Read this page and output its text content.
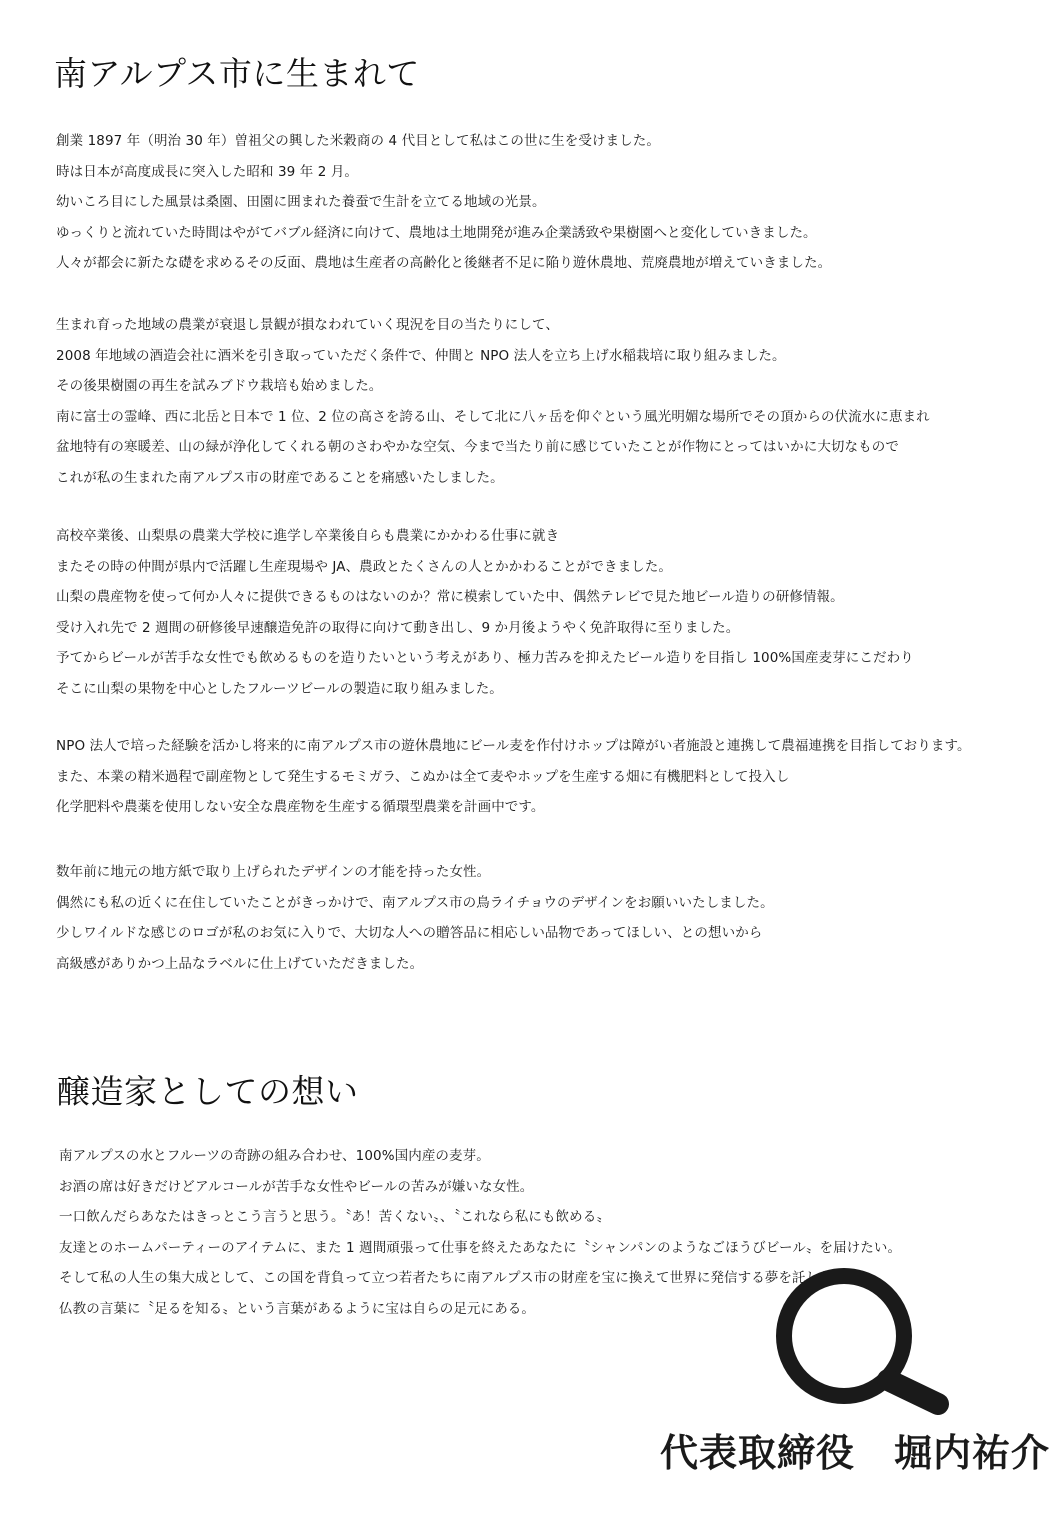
南アルプス市に生まれて
創業 1897 年（明治 30 年）曽祖父の興した米穀商の 4 代目として私はこの世に生を受けました。
時は日本が高度成長に突入した昭和 39 年 2 月。
幼いころ目にした風景は桑園、田園に囲まれた養蚕で生計を立てる地域の光景。
ゆっくりと流れていた時間はやがてバブル経済に向けて、農地は土地開発が進み企業誘致や果樹園へと変化していきました。
人々が都会に新たな礎を求めるその反面、農地は生産者の高齢化と後継者不足に陥り遊休農地、荒廃農地が増えていきました。
生まれ育った地域の農業が衰退し景観が損なわれていく現況を目の当たりにして、
2008 年地域の酒造会社に酒米を引き取っていただく条件で、仲間と NPO 法人を立ち上げ水稲栽培に取り組みました。
その後果樹園の再生を試みブドウ栽培も始めました。
南に富士の霊峰、西に北岳と日本で 1 位、2 位の高さを誇る山、そして北に八ヶ岳を仰ぐという風光明媚な場所でその頂からの伏流水に恵まれ
盆地特有の寒暖差、山の緑が浄化してくれる朝のさわやかな空気、今まで当たり前に感じていたことが作物にとってはいかに大切なもので
これが私の生まれた南アルプス市の財産であることを痛感いたしました。
高校卒業後、山梨県の農業大学校に進学し卒業後自らも農業にかかわる仕事に就き
またその時の仲間が県内で活躍し生産現場や JA、農政とたくさんの人とかかわることができました。
山梨の農産物を使って何か人々に提供できるものはないのか？常に模索していた中、偶然テレビで見た地ビール造りの研修情報。
受け入れ先で 2 週間の研修後早速醸造免許の取得に向けて動き出し、9 か月後ようやく免許取得に至りました。
予てからビールが苦手な女性でも飲めるものを造りたいという考えがあり、極力苦みを抑えたビール造りを目指し 100%国産麦芽にこだわり
そこに山梨の果物を中心としたフルーツビールの製造に取り組みました。
NPO 法人で培った経験を活かし将来的に南アルプス市の遊休農地にビール麦を作付けホップは障がい者施設と連携して農福連携を目指しております。
また、本業の精米過程で副産物として発生するモミガラ、こぬかは全て麦やホップを生産する畑に有機肥料として投入し
化学肥料や農薬を使用しない安全な農産物を生産する循環型農業を計画中です。
数年前に地元の地方紙で取り上げられたデザインの才能を持った女性。
偶然にも私の近くに在住していたことがきっかけで、南アルプス市の鳥ライチョウのデザインをお願いいたしました。
少しワイルドな感じのロゴが私のお気に入りで、大切な人への贈答品に相応しい品物であってほしい、との想いから
高級感がありかつ上品なラベルに仕上げていただきました。
醸造家としての想い
南アルプスの水とフルーツの奇跡の組み合わせ、100%国内産の麦芽。
お酒の席は好きだけどアルコールが苦手な女性やビールの苦みが嫌いな女性。
一口飲んだらあなたはきっとこう言うと思う。〝あ！苦くない〟、〝これなら私にも飲める〟
友達とのホームパーティーのアイテムに、また 1 週間頑張って仕事を終えたあなたに〝シャンパンのようなごほうびビール〟を届けたい。
そして私の人生の集大成として、この国を背負って立つ若者たちに南アルプス市の財産を宝に換えて世界に発信する夢を託したい。
仏教の言葉に〝足るを知る〟という言葉があるように宝は自らの足元にある。

代表取締役　堀内祐介
